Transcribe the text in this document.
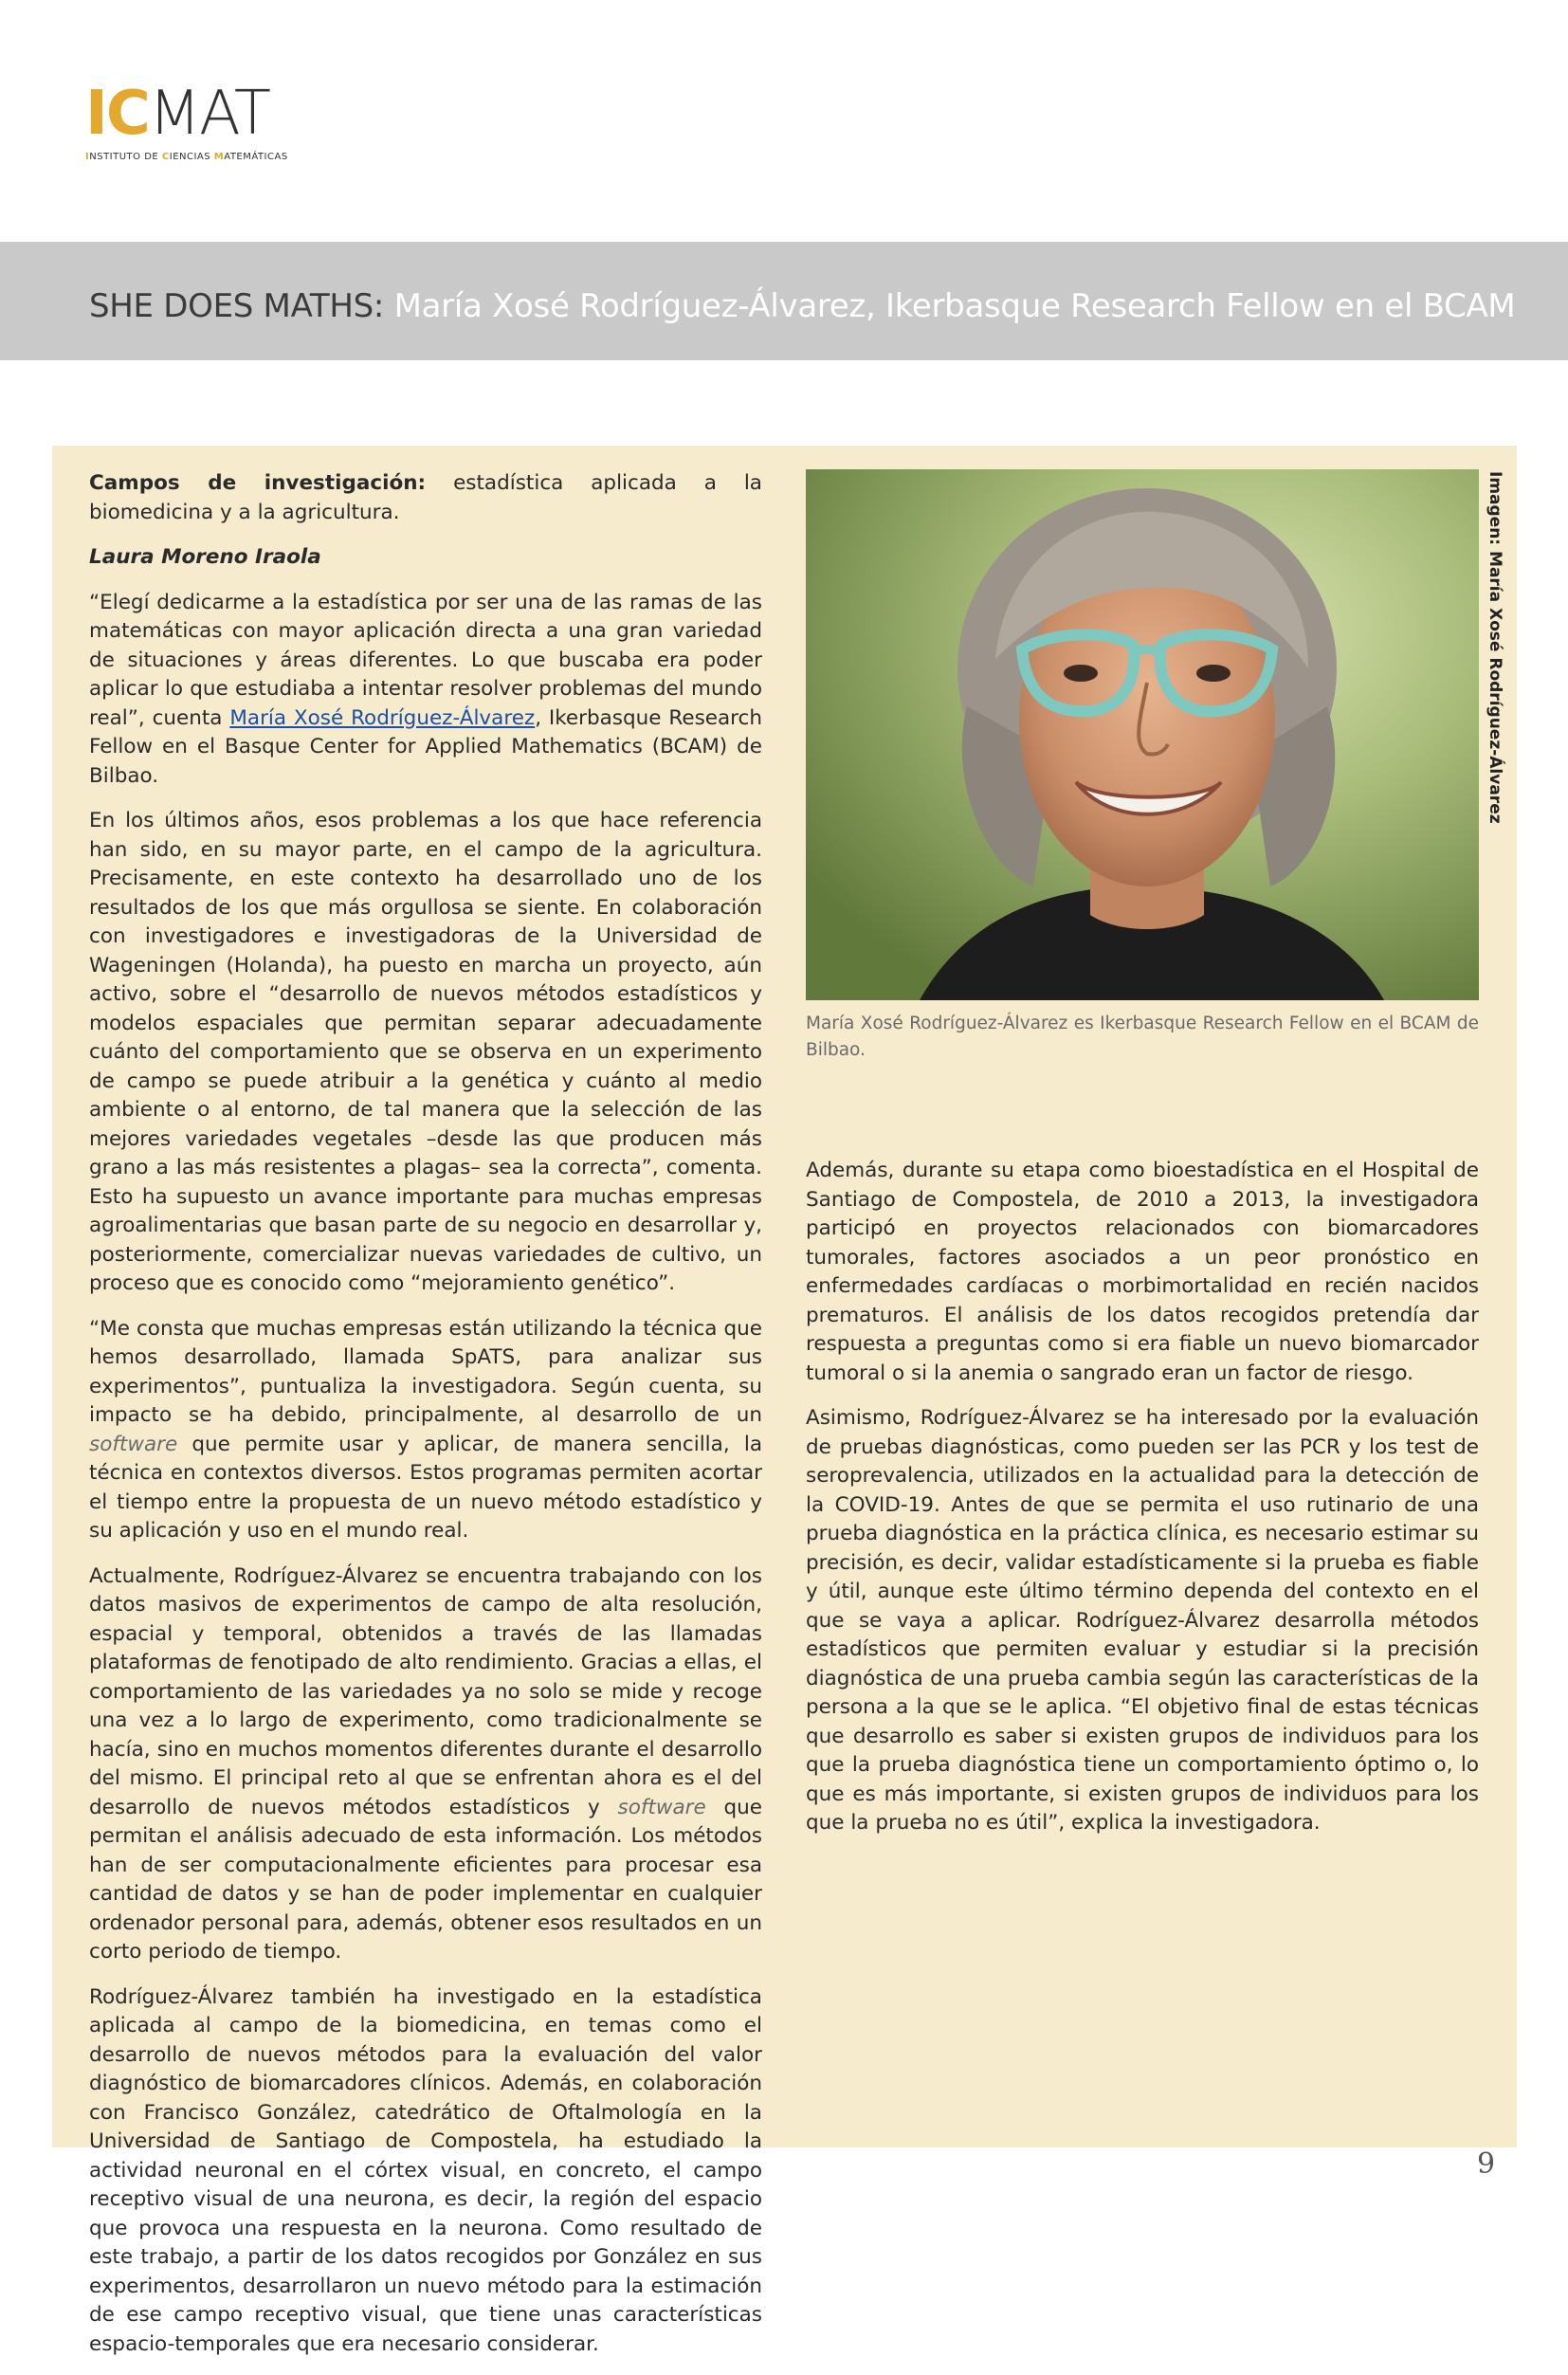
ICMAT
INSTITUTO DE CIENCIAS MATEMÁTICAS
SHE DOES MATHS: María Xosé Rodríguez-Álvarez, Ikerbasque Research Fellow en el BCAM
Imagen: María Xosé Rodríguez-Álvarez
María Xosé Rodríguez-Álvarez es Ikerbasque Research Fellow en el BCAM de Bilbao.

Campos de investigación: estadística aplicada a la biomedicina y a la agricultura.

Laura Moreno Iraola

“Elegí dedicarme a la estadística por ser una de las ramas de las matemáticas con mayor aplicación directa a una gran variedad de situaciones y áreas diferentes. Lo que buscaba era poder aplicar lo que estudiaba a intentar resolver problemas del mundo real”, cuenta María Xosé Rodríguez-Álvarez, Ikerbasque Research Fellow en el Basque Center for Applied Mathematics (BCAM) de Bilbao.

En los últimos años, esos problemas a los que hace referencia han sido, en su mayor parte, en el campo de la agricultura. Precisamente, en este contexto ha desarrollado uno de los resultados de los que más orgullosa se siente. En colaboración con investigadores e investigadoras de la Universidad de Wageningen (Holanda), ha puesto en marcha un proyecto, aún activo, sobre el “desarrollo de nuevos métodos estadísticos y modelos espaciales que permitan separar adecuadamente cuánto del comportamiento que se observa en un experimento de campo se puede atribuir a la genética y cuánto al medio ambiente o al entorno, de tal manera que la selección de las mejores variedades vegetales –desde las que producen más grano a las más resistentes a plagas– sea la correcta”, comenta. Esto ha supuesto un avance importante para muchas empresas agroalimentarias que basan parte de su negocio en desarrollar y, posteriormente, comercializar nuevas variedades de cultivo, un proceso que es conocido como “mejoramiento genético”.

“Me consta que muchas empresas están utilizando la técnica que hemos desarrollado, llamada SpATS, para analizar sus experimentos”, puntualiza la investigadora. Según cuenta, su impacto se ha debido, principalmente, al desarrollo de un software que permite usar y aplicar, de manera sencilla, la técnica en contextos diversos. Estos programas permiten acortar el tiempo entre la propuesta de un nuevo método estadístico y su aplicación y uso en el mundo real.

Actualmente, Rodríguez-Álvarez se encuentra trabajando con los datos masivos de experimentos de campo de alta resolución, espacial y temporal, obtenidos a través de las llamadas plataformas de fenotipado de alto rendimiento. Gracias a ellas, el comportamiento de las variedades ya no solo se mide y recoge una vez a lo largo de experimento, como tradicionalmente se hacía, sino en muchos momentos diferentes durante el desarrollo del mismo. El principal reto al que se enfrentan ahora es el del desarrollo de nuevos métodos estadísticos y software que permitan el análisis adecuado de esta información. Los métodos han de ser computacionalmente eficientes para procesar esa cantidad de datos y se han de poder implementar en cualquier ordenador personal para, además, obtener esos resultados en un corto periodo de tiempo.

Rodríguez-Álvarez también ha investigado en la estadística aplicada al campo de la biomedicina, en temas como el desarrollo de nuevos métodos para la evaluación del valor diagnóstico de biomarcadores clínicos. Además, en colaboración con Francisco González, catedrático de Oftalmología en la Universidad de Santiago de Compostela, ha estudiado la actividad neuronal en el córtex visual, en concreto, el campo receptivo visual de una neurona, es decir, la región del espacio que provoca una respuesta en la neurona. Como resultado de este trabajo, a partir de los datos recogidos por González en sus experimentos, desarrollaron un nuevo método para la estimación de ese campo receptivo visual, que tiene unas características espacio-temporales que era necesario considerar.

Además, durante su etapa como bioestadística en el Hospital de Santiago de Compostela, de 2010 a 2013, la investigadora participó en proyectos relacionados con biomarcadores tumorales, factores asociados a un peor pronóstico en enfermedades cardíacas o morbimortalidad en recién nacidos prematuros. El análisis de los datos recogidos pretendía dar respuesta a preguntas como si era fiable un nuevo biomarcador tumoral o si la anemia o sangrado eran un factor de riesgo.

Asimismo, Rodríguez-Álvarez se ha interesado por la evaluación de pruebas diagnósticas, como pueden ser las PCR y los test de seroprevalencia, utilizados en la actualidad para la detección de la COVID-19. Antes de que se permita el uso rutinario de una prueba diagnóstica en la práctica clínica, es necesario estimar su precisión, es decir, validar estadísticamente si la prueba es fiable y útil, aunque este último término dependa del contexto en el que se vaya a aplicar. Rodríguez-Álvarez desarrolla métodos estadísticos que permiten evaluar y estudiar si la precisión diagnóstica de una prueba cambia según las características de la persona a la que se le aplica. “El objetivo final de estas técnicas que desarrollo es saber si existen grupos de individuos para los que la prueba diagnóstica tiene un comportamiento óptimo o, lo que es más importante, si existen grupos de individuos para los que la prueba no es útil”, explica la investigadora.

9
